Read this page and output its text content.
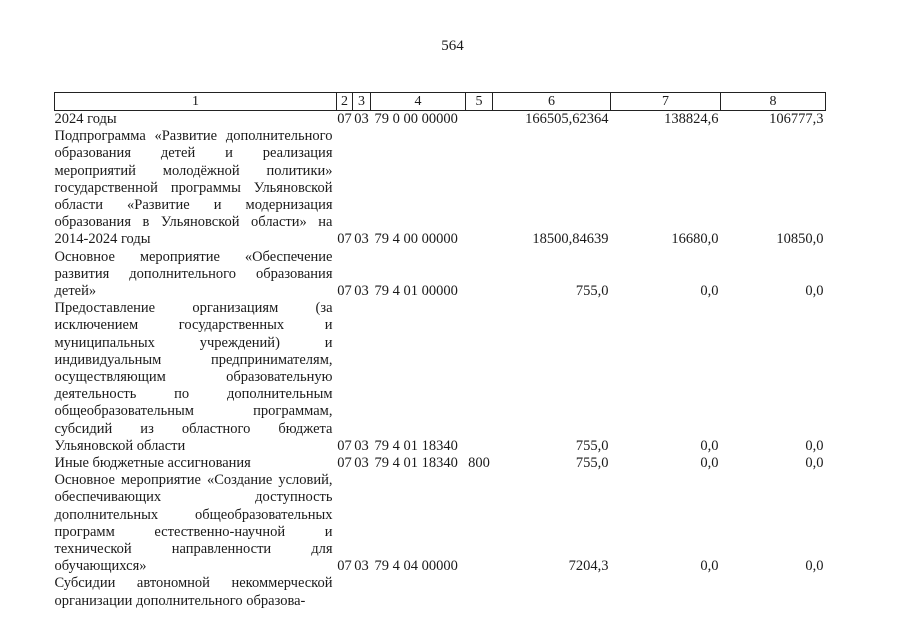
564
1	2	3	4	5	6	7	8
2024 годы	07	03	79 0 00 00000		166505,62364	138824,6	106777,3
Подпрограмма «Развитие дополнительного образования детей и реализация мероприятий молодёжной политики» государственной программы Ульяновской области «Развитие и модернизация образования в Ульяновской области» на 2014-2024 годы	07	03	79 4 00 00000		18500,84639	16680,0	10850,0
Основное мероприятие «Обеспечение развития дополнительного образования детей»	07	03	79 4 01 00000		755,0	0,0	0,0
Предоставление организациям (за исключением государственных и муниципальных учреждений) и индивидуальным предпринимателям, осуществляющим образовательную деятельность по дополнительным общеобразовательным программам, субсидий из областного бюджета Ульяновской области	07	03	79 4 01 18340		755,0	0,0	0,0
Иные бюджетные ассигнования	07	03	79 4 01 18340	800	755,0	0,0	0,0
Основное мероприятие «Создание условий, обеспечивающих доступность дополнительных общеобразовательных программ естественно-научной и технической направленности для обучающихся»	07	03	79 4 04 00000		7204,3	0,0	0,0
Субсидии автономной некоммерческой организации дополнительного образова-							
